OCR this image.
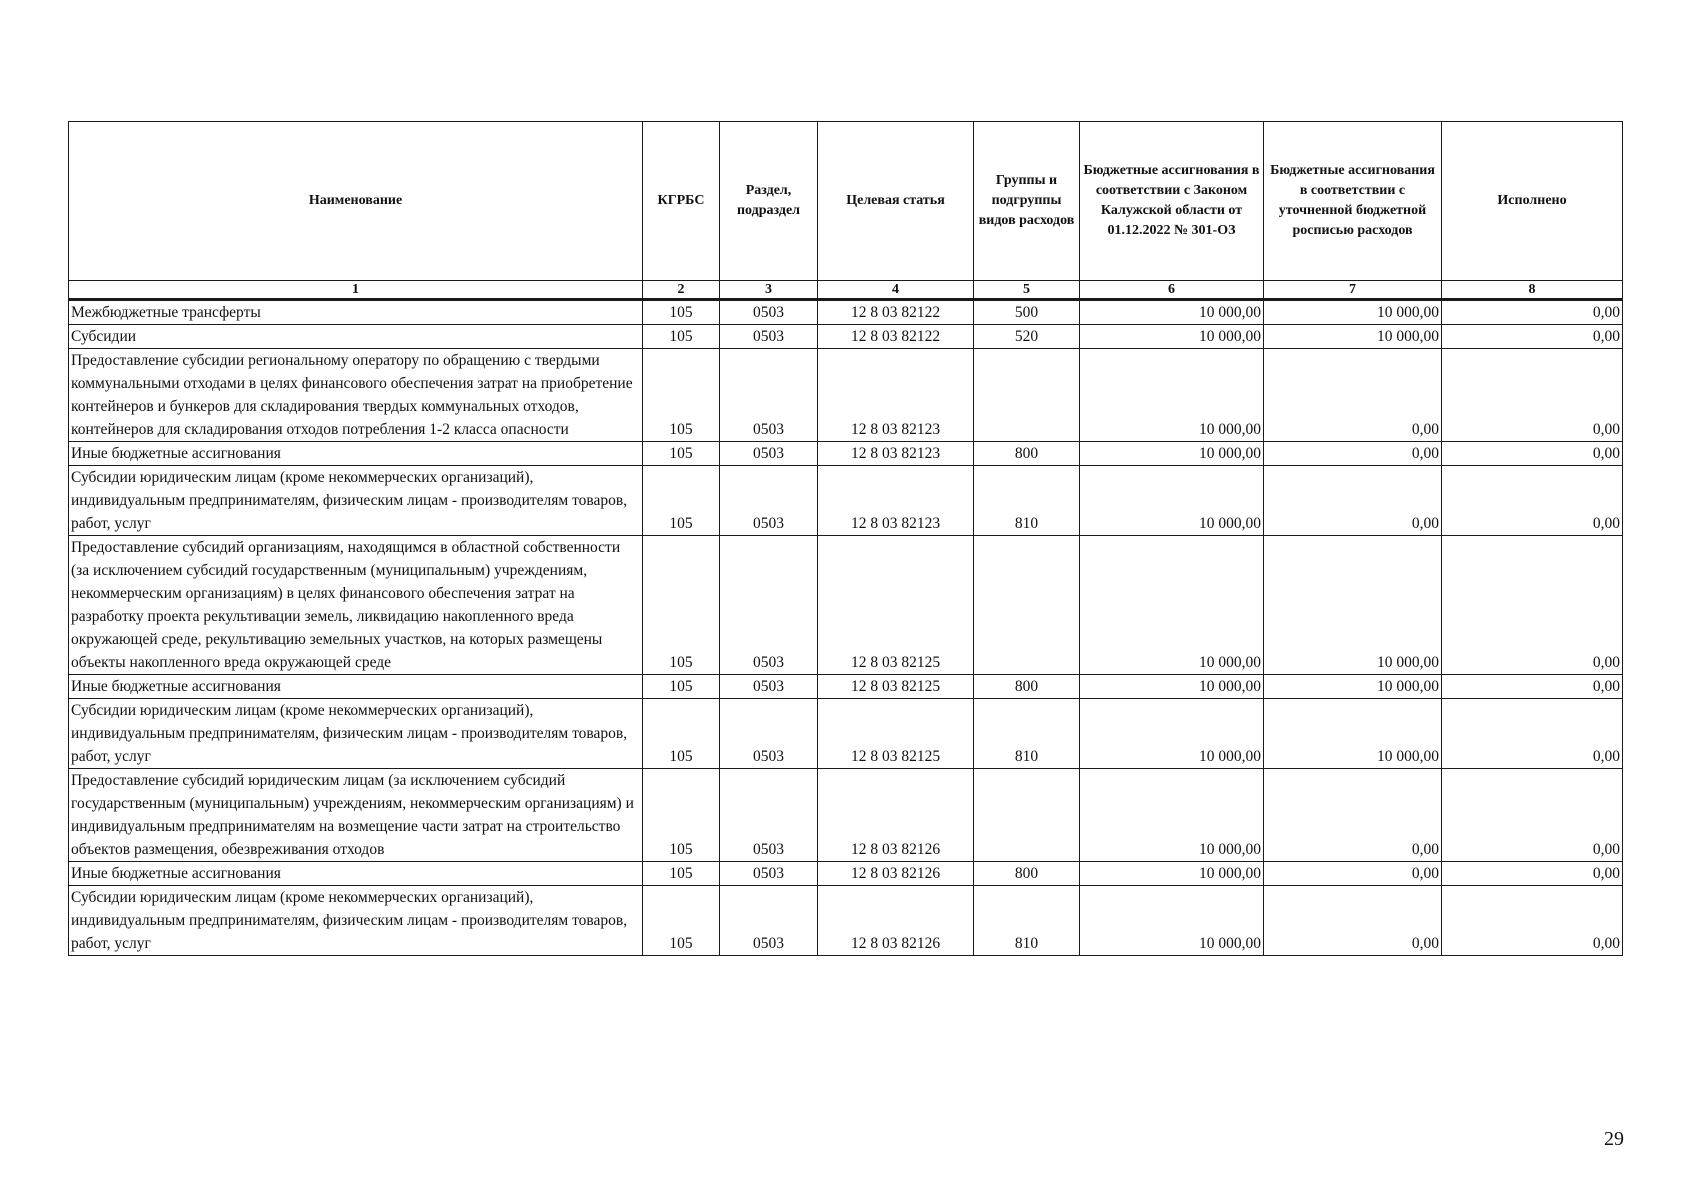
Наименование	КГРБС	Раздел, подраздел	Целевая статья	Группы и подгруппы видов расходов	Бюджетные ассигнования в соответствии с Законом Калужской области от 01.12.2022 № 301-ОЗ	Бюджетные ассигнования в соответствии с уточненной бюджетной росписью расходов	Исполнено
1	2	3	4	5	6	7	8
Межбюджетные трансферты	105	0503	12 8 03 82122	500	10 000,00	10 000,00	0,00
Субсидии	105	0503	12 8 03 82122	520	10 000,00	10 000,00	0,00
Предоставление субсидии региональному оператору по обращению с твердыми коммунальными отходами в целях финансового обеспечения затрат на приобретение контейнеров и бункеров для складирования твердых коммунальных отходов, контейнеров для складирования отходов потребления 1-2 класса опасности	105	0503	12 8 03 82123		10 000,00	0,00	0,00
Иные бюджетные ассигнования	105	0503	12 8 03 82123	800	10 000,00	0,00	0,00
Субсидии юридическим лицам (кроме некоммерческих организаций), индивидуальным предпринимателям, физическим лицам - производителям товаров, работ, услуг	105	0503	12 8 03 82123	810	10 000,00	0,00	0,00
Предоставление субсидий организациям, находящимся в областной собственности (за исключением субсидий государственным (муниципальным) учреждениям, некоммерческим организациям) в целях финансового обеспечения затрат на разработку проекта рекультивации земель, ликвидацию накопленного вреда окружающей среде, рекультивацию земельных участков, на которых размещены объекты накопленного вреда окружающей среде	105	0503	12 8 03 82125		10 000,00	10 000,00	0,00
Иные бюджетные ассигнования	105	0503	12 8 03 82125	800	10 000,00	10 000,00	0,00
Субсидии юридическим лицам (кроме некоммерческих организаций), индивидуальным предпринимателям, физическим лицам - производителям товаров, работ, услуг	105	0503	12 8 03 82125	810	10 000,00	10 000,00	0,00
Предоставление субсидий юридическим лицам (за исключением субсидий государственным (муниципальным) учреждениям, некоммерческим организациям) и индивидуальным предпринимателям на возмещение части затрат на строительство объектов размещения, обезвреживания отходов	105	0503	12 8 03 82126		10 000,00	0,00	0,00
Иные бюджетные ассигнования	105	0503	12 8 03 82126	800	10 000,00	0,00	0,00
Субсидии юридическим лицам (кроме некоммерческих организаций), индивидуальным предпринимателям, физическим лицам - производителям товаров, работ, услуг	105	0503	12 8 03 82126	810	10 000,00	0,00	0,00
29
